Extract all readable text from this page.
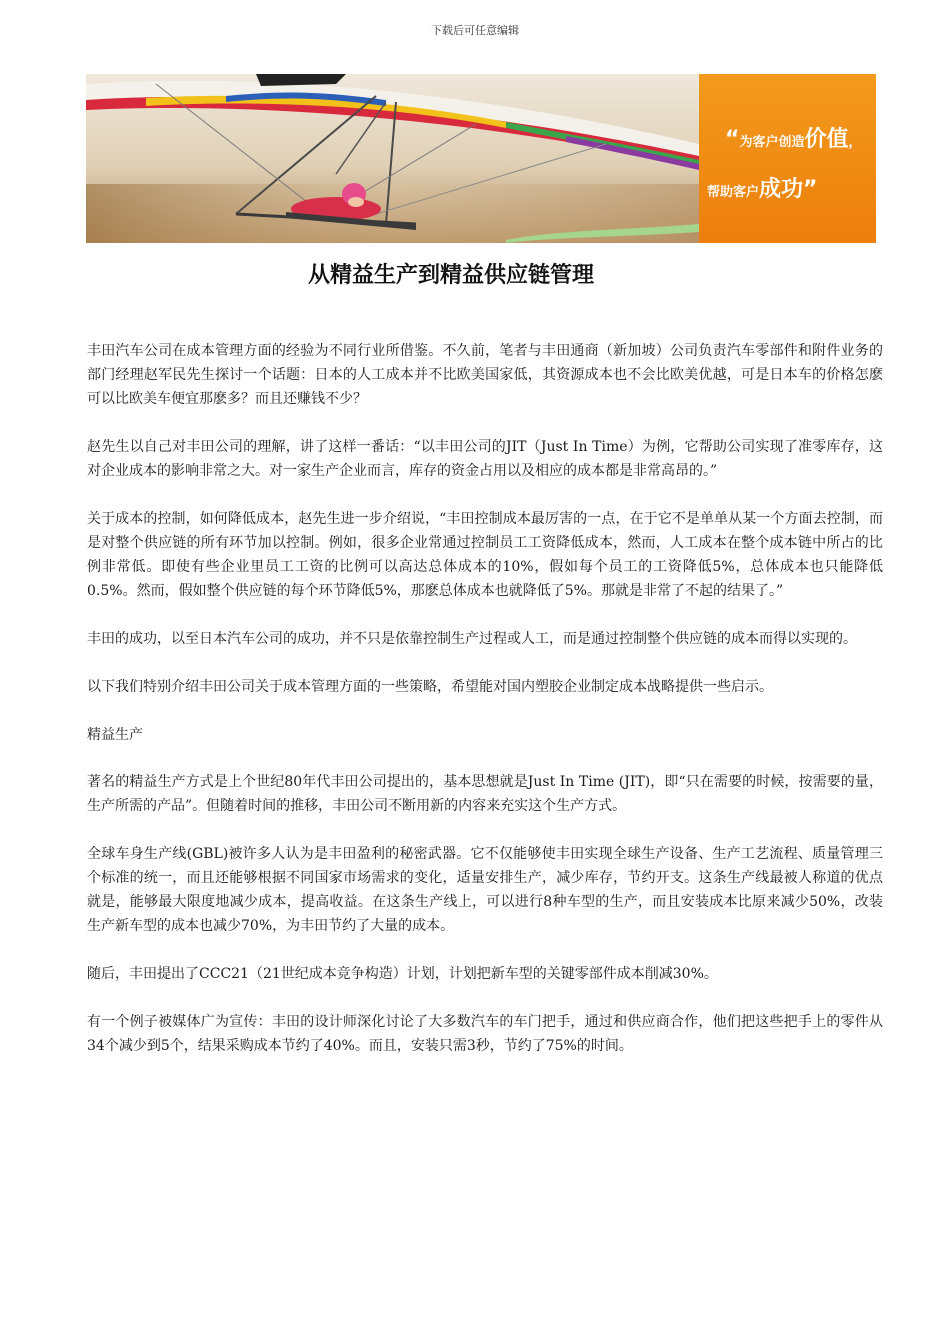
下载后可任意编辑
“为客户创造价值，
帮助客户成功”
从精益生产到精益供应链管理

丰田汽车公司在成本管理方面的经验为不同行业所借鉴。不久前，笔者与丰田通商（新加坡）公司负责汽车零部件和附件业务的部门经理赵军民先生探讨一个话题：日本的人工成本并不比欧美国家低，其资源成本也不会比欧美优越，可是日本车的价格怎麽可以比欧美车便宜那麽多？而且还赚钱不少？

赵先生以自己对丰田公司的理解，讲了这样一番话：“以丰田公司的JIT（Just In Time）为例，它帮助公司实现了准零库存，这对企业成本的影响非常之大。对一家生产企业而言，库存的资金占用以及相应的成本都是非常高昂的。”

关于成本的控制，如何降低成本，赵先生进一步介绍说，“丰田控制成本最厉害的一点，在于它不是单单从某一个方面去控制，而是对整个供应链的所有环节加以控制。例如，很多企业常通过控制员工工资降低成本，然而，人工成本在整个成本链中所占的比例非常低。即使有些企业里员工工资的比例可以高达总体成本的10%，假如每个员工的工资降低5%，总体成本也只能降低0.5%。然而，假如整个供应链的每个环节降低5%，那麽总体成本也就降低了5%。那就是非常了不起的结果了。”

丰田的成功，以至日本汽车公司的成功，并不只是依靠控制生产过程或人工，而是通过控制整个供应链的成本而得以实现的。

以下我们特别介绍丰田公司关于成本管理方面的一些策略，希望能对国内塑胶企业制定成本战略提供一些启示。

精益生产

著名的精益生产方式是上个世纪80年代丰田公司提出的，基本思想就是Just In Time (JIT)，即“只在需要的时候，按需要的量，生产所需的产品”。但随着时间的推移，丰田公司不断用新的内容来充实这个生产方式。

全球车身生产线(GBL)被许多人认为是丰田盈利的秘密武器。它不仅能够使丰田实现全球生产设备、生产工艺流程、质量管理三个标准的统一，而且还能够根据不同国家市场需求的变化，适量安排生产，减少库存，节约开支。这条生产线最被人称道的优点就是，能够最大限度地减少成本，提高收益。在这条生产线上，可以进行8种车型的生产，而且安装成本比原来减少50%，改装生产新车型的成本也减少70%，为丰田节约了大量的成本。

随后，丰田提出了CCC21（21世纪成本竞争构造）计划，计划把新车型的关键零部件成本削减30%。

有一个例子被媒体广为宣传：丰田的设计师深化讨论了大多数汽车的车门把手，通过和供应商合作，他们把这些把手上的零件从34个减少到5个，结果采购成本节约了40%。而且，安装只需3秒，节约了75%的时间。
